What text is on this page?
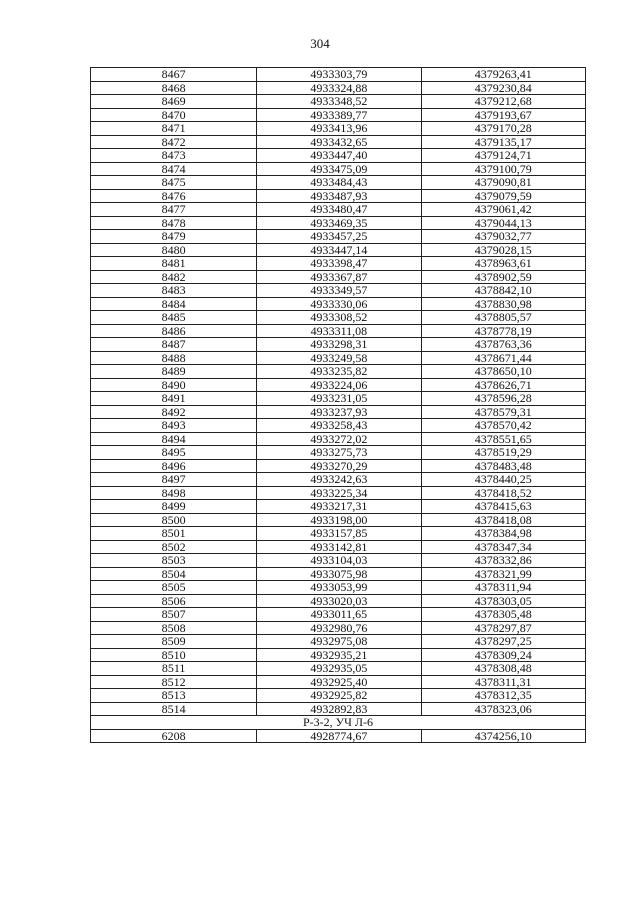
304
8467	4933303,79	4379263,41
8468	4933324,88	4379230,84
8469	4933348,52	4379212,68
8470	4933389,77	4379193,67
8471	4933413,96	4379170,28
8472	4933432,65	4379135,17
8473	4933447,40	4379124,71
8474	4933475,09	4379100,79
8475	4933484,43	4379090,81
8476	4933487,93	4379079,59
8477	4933480,47	4379061,42
8478	4933469,35	4379044,13
8479	4933457,25	4379032,77
8480	4933447,14	4379028,15
8481	4933398,47	4378963,61
8482	4933367,87	4378902,59
8483	4933349,57	4378842,10
8484	4933330,06	4378830,98
8485	4933308,52	4378805,57
8486	4933311,08	4378778,19
8487	4933298,31	4378763,36
8488	4933249,58	4378671,44
8489	4933235,82	4378650,10
8490	4933224,06	4378626,71
8491	4933231,05	4378596,28
8492	4933237,93	4378579,31
8493	4933258,43	4378570,42
8494	4933272,02	4378551,65
8495	4933275,73	4378519,29
8496	4933270,29	4378483,48
8497	4933242,63	4378440,25
8498	4933225,34	4378418,52
8499	4933217,31	4378415,63
8500	4933198,00	4378418,08
8501	4933157,85	4378384,98
8502	4933142,81	4378347,34
8503	4933104,03	4378332,86
8504	4933075,98	4378321,99
8505	4933053,99	4378311,94
8506	4933020,03	4378303,05
8507	4933011,65	4378305,48
8508	4932980,76	4378297,87
8509	4932975,08	4378297,25
8510	4932935,21	4378309,24
8511	4932935,05	4378308,48
8512	4932925,40	4378311,31
8513	4932925,82	4378312,35
8514	4932892,83	4378323,06
Р-3-2, УЧ Л-6		
6208	4928774,67	4374256,10
